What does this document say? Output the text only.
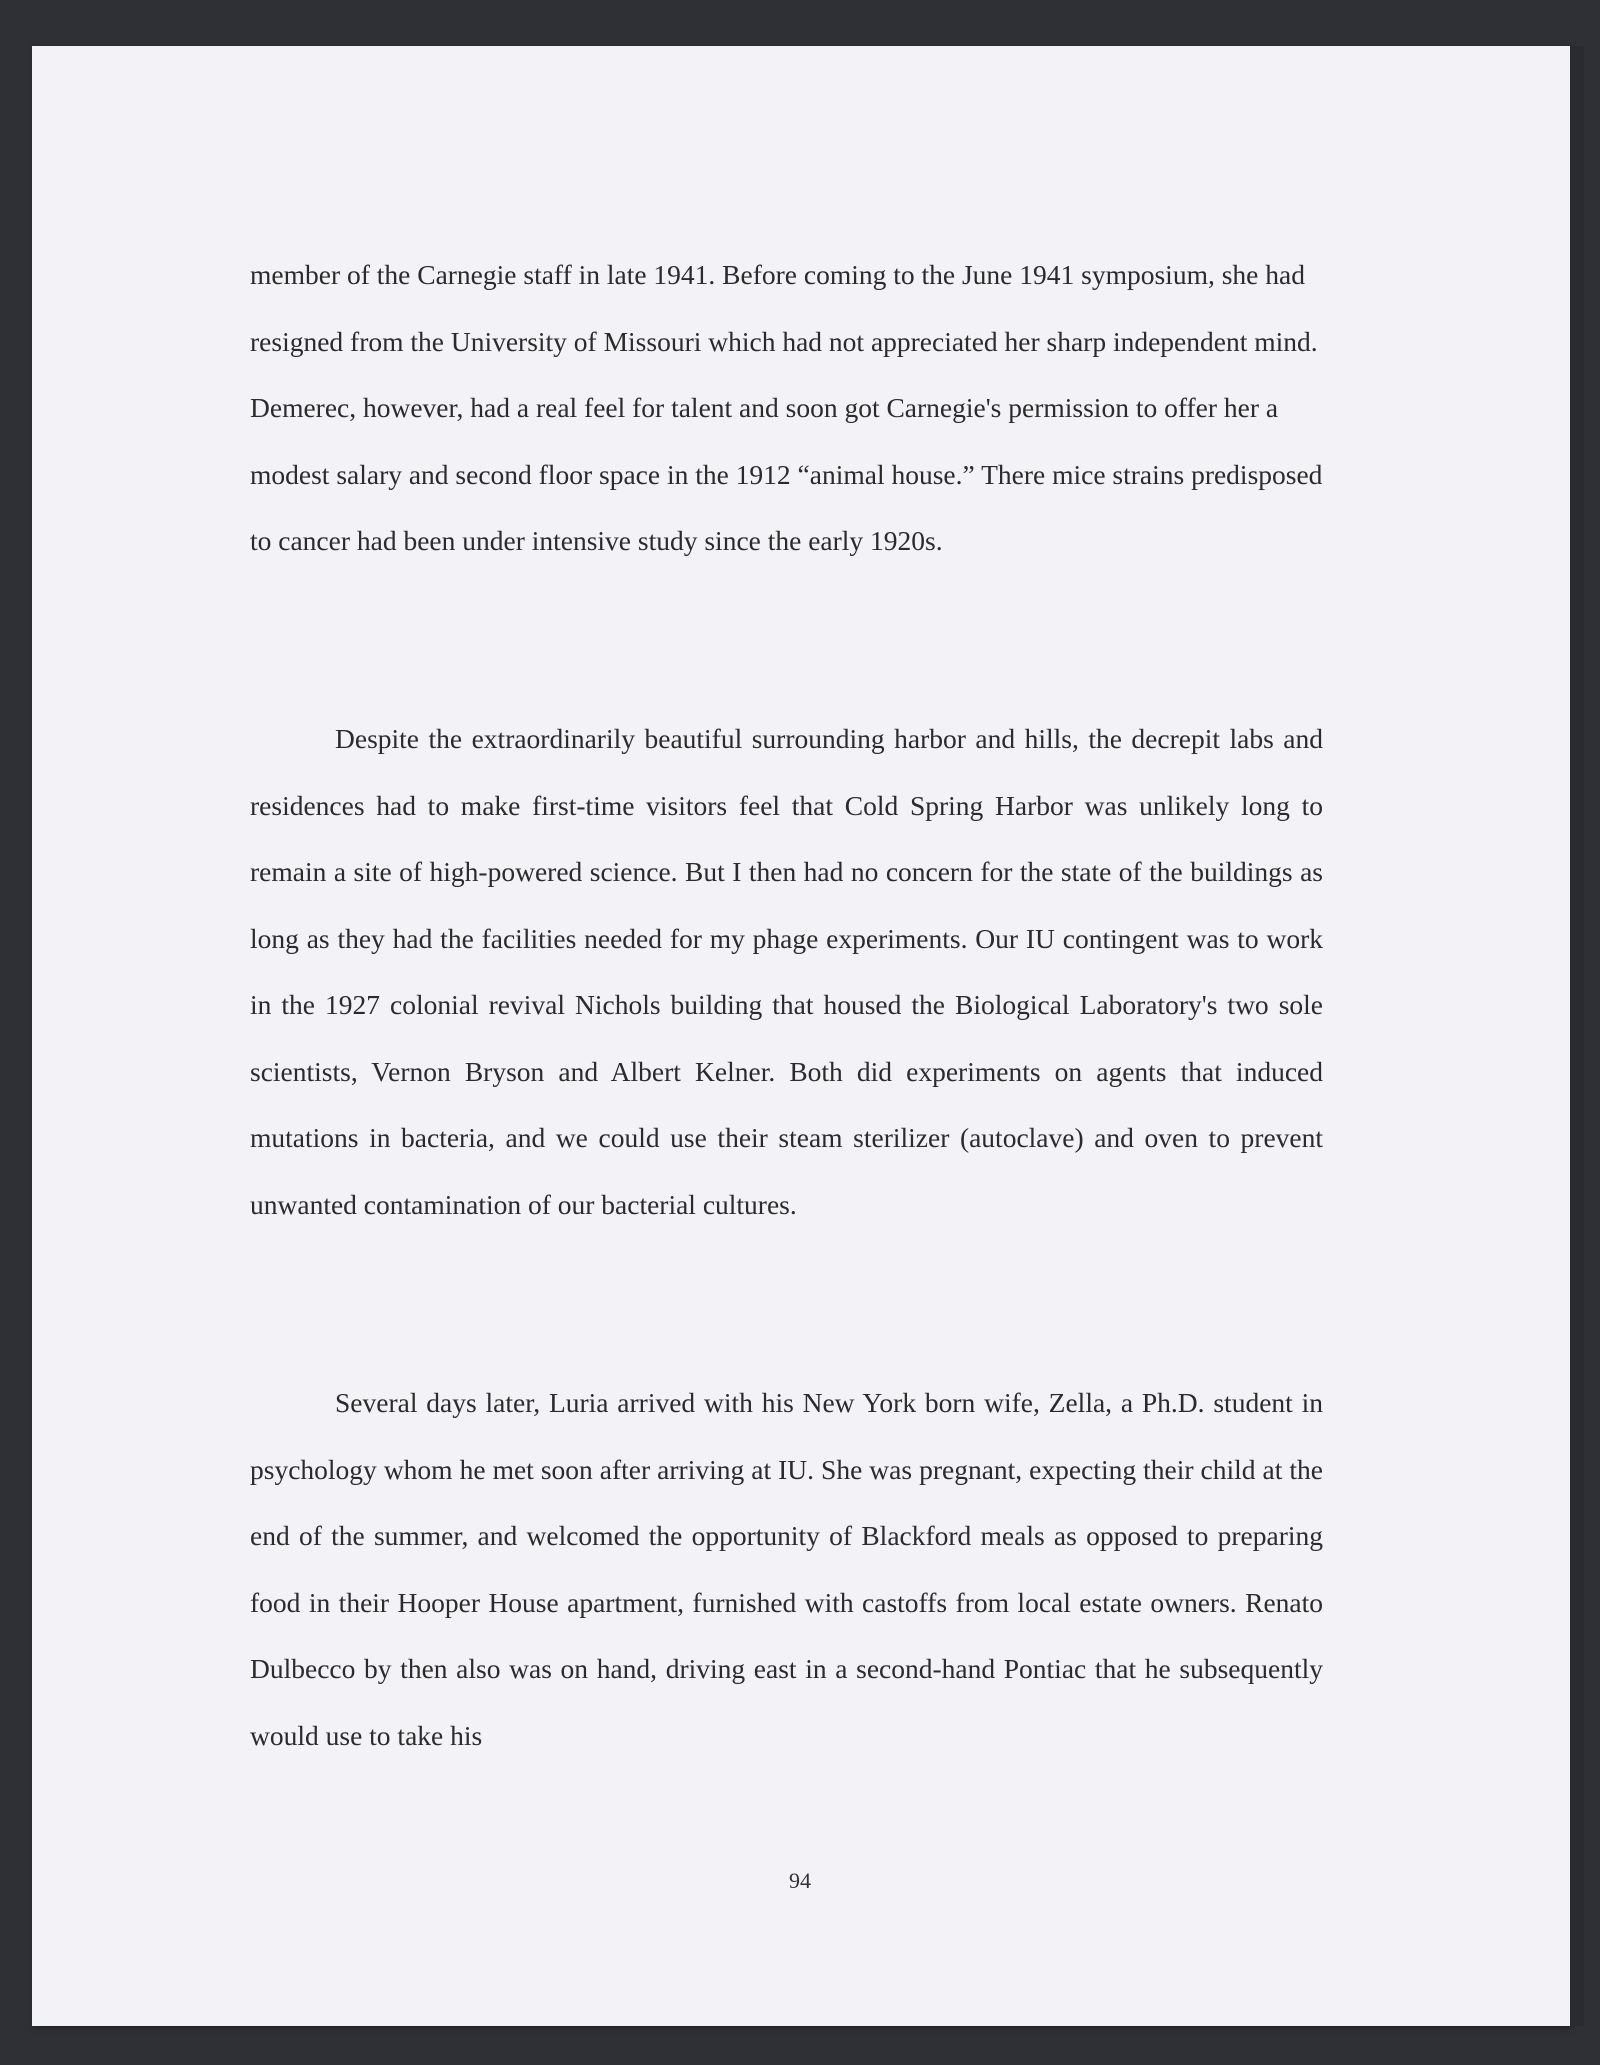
member of the Carnegie staff in late 1941. Before coming to the June 1941 symposium, she had resigned from the University of Missouri which had not appreciated her sharp independent mind. Demerec, however, had a real feel for talent and soon got Carnegie's permission to offer her a modest salary and second floor space in the 1912 “animal house.” There mice strains predisposed to cancer had been under intensive study since the early 1920s.

Despite the extraordinarily beautiful surrounding harbor and hills, the decrepit labs and residences had to make first-time visitors feel that Cold Spring Harbor was unlikely long to remain a site of high-powered science. But I then had no concern for the state of the buildings as long as they had the facilities needed for my phage experiments. Our IU contingent was to work in the 1927 colonial revival Nichols building that housed the Biological Laboratory's two sole scientists, Vernon Bryson and Albert Kelner. Both did experiments on agents that induced mutations in bacteria, and we could use their steam sterilizer (autoclave) and oven to prevent unwanted contamination of our bacterial cultures.

Several days later, Luria arrived with his New York born wife, Zella, a Ph.D. student in psychology whom he met soon after arriving at IU. She was pregnant, expecting their child at the end of the summer, and welcomed the opportunity of Blackford meals as opposed to preparing food in their Hooper House apartment, furnished with castoffs from local estate owners. Renato Dulbecco by then also was on hand, driving east in a second-hand Pontiac that he subsequently would use to take his

94
